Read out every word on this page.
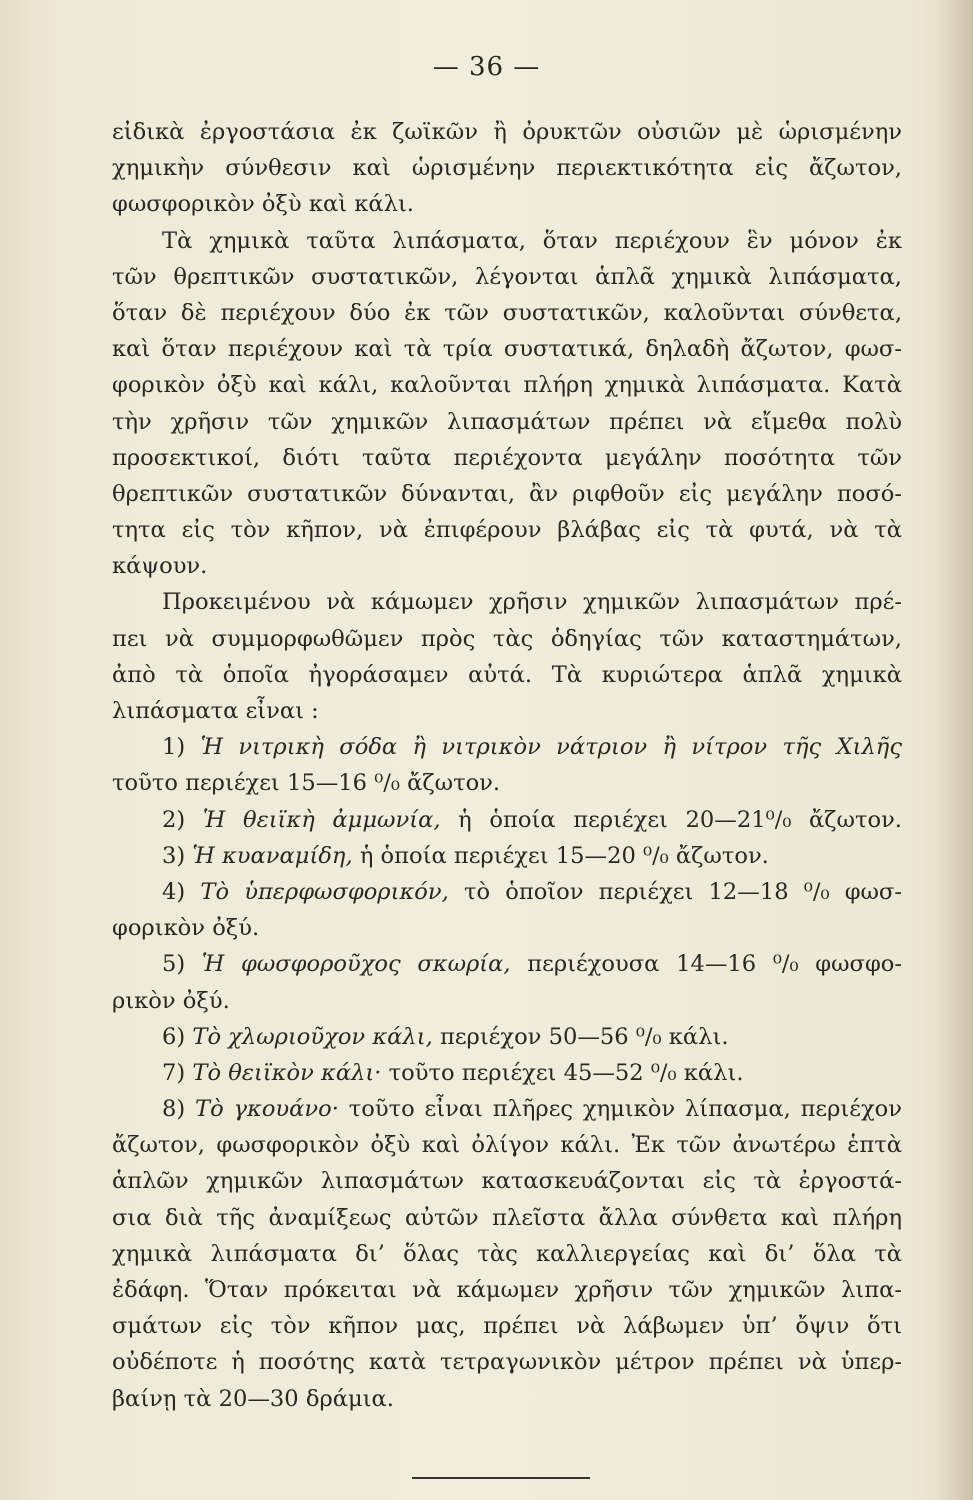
— 36 —
εἰδικὰ ἐργοστάσια ἐκ ζωϊκῶν ἢ ὀρυκτῶν οὐσιῶν μὲ ὡρισμένην
χημικὴν σύνθεσιν καὶ ὡρισμένην περιεκτικότητα εἰς ἄζωτον,
φωσφορικὸν ὀξὺ καὶ κάλι.
Τὰ χημικὰ ταῦτα λιπάσματα, ὅταν περιέχουν ἓν μόνον ἐκ
τῶν θρεπτικῶν συστατικῶν, λέγονται ἁπλᾶ χημικὰ λιπάσματα,
ὅταν δὲ περιέχουν δύο ἐκ τῶν συστατικῶν, καλοῦνται σύνθετα,
καὶ ὅταν περιέχουν καὶ τὰ τρία συστατικά, δηλαδὴ ἄζωτον, φωσ-
φορικὸν ὀξὺ καὶ κάλι, καλοῦνται πλήρη χημικὰ λιπάσματα. Κατὰ
τὴν χρῆσιν τῶν χημικῶν λιπασμάτων πρέπει νὰ εἴμεθα πολὺ
προσεκτικοί, διότι ταῦτα περιέχοντα μεγάλην ποσότητα τῶν
θρεπτικῶν συστατικῶν δύνανται, ἂν ριφθοῦν εἰς μεγάλην ποσό-
τητα εἰς τὸν κῆπον, νὰ ἐπιφέρουν βλάβας εἰς τὰ φυτά, νὰ τὰ
κάψουν.
Προκειμένου νὰ κάμωμεν χρῆσιν χημικῶν λιπασμάτων πρέ-
πει νὰ συμμορφωθῶμεν πρὸς τὰς ὁδηγίας τῶν καταστημάτων,
ἀπὸ τὰ ὁποῖα ἠγοράσαμεν αὐτά. Τὰ κυριώτερα ἁπλᾶ χημικὰ
λιπάσματα εἶναι :
1) Ἡ νιτρικὴ σόδα ἢ νιτρικὸν νάτριον ἢ νίτρον τῆς Χιλῆς
τοῦτο περιέχει 15—16 ⁰/₀ ἄζωτον.
2) Ἡ θειϊκὴ ἀμμωνία, ἡ ὁποία περιέχει 20—21⁰/₀ ἄζωτον.
3) Ἡ κυαναμίδη, ἡ ὁποία περιέχει 15—20 ⁰/₀ ἄζωτον.
4) Τὸ ὑπερφωσφορικόν, τὸ ὁποῖον περιέχει 12—18 ⁰/₀ φωσ-
φορικὸν ὀξύ.
5) Ἡ φωσφοροῦχος σκωρία, περιέχουσα 14—16 ⁰/₀ φωσφο-
ρικὸν ὀξύ.
6) Τὸ χλωριοῦχον κάλι, περιέχον 50—56 ⁰/₀ κάλι.
7) Τὸ θειϊκὸν κάλι· τοῦτο περιέχει 45—52 ⁰/₀ κάλι.
8) Τὸ γκουάνο· τοῦτο εἶναι πλῆρες χημικὸν λίπασμα, περιέχον
ἄζωτον, φωσφορικὸν ὀξὺ καὶ ὀλίγον κάλι. Ἐκ τῶν ἀνωτέρω ἑπτὰ
ἁπλῶν χημικῶν λιπασμάτων κατασκευάζονται εἰς τὰ ἐργοστά-
σια διὰ τῆς ἀναμίξεως αὐτῶν πλεῖστα ἄλλα σύνθετα καὶ πλήρη
χημικὰ λιπάσματα δι’ ὅλας τὰς καλλιεργείας καὶ δι’ ὅλα τὰ
ἐδάφη. Ὅταν πρόκειται νὰ κάμωμεν χρῆσιν τῶν χημικῶν λιπα-
σμάτων εἰς τὸν κῆπον μας, πρέπει νὰ λάβωμεν ὑπ’ ὄψιν ὅτι
οὐδέποτε ἡ ποσότης κατὰ τετραγωνικὸν μέτρον πρέπει νὰ ὑπερ-
βαίνῃ τὰ 20—30 δράμια.
